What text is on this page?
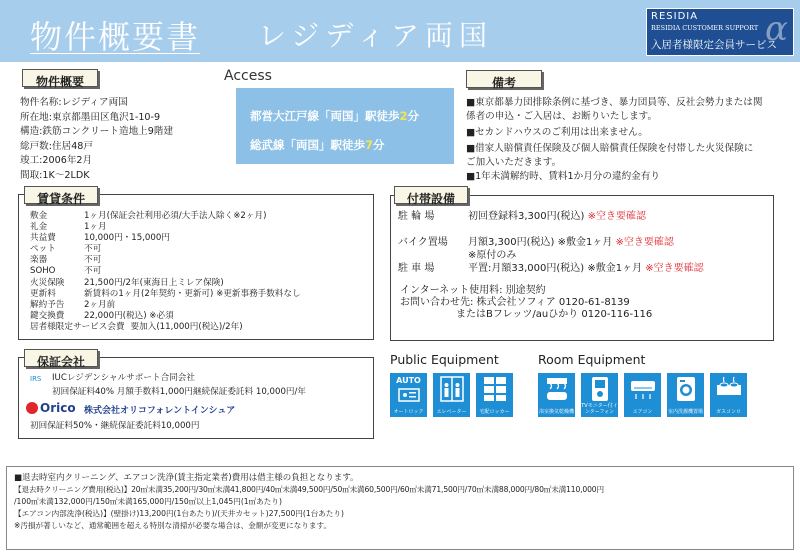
物件概要書 レジディア両国	α
RESIDIA
RESIDIA CUSTOMER SUPPORT
入居者様限定会員サービス
物件概要
物件名称:レジディア両国
所在地:東京都墨田区亀沢1-10-9
構造:鉄筋コンクリート造地上9階建
総戸数:住居48戸
竣工:2006年2月
間取:1K～2LDK
Access
都営大江戸線「両国」駅徒歩2分
総武線「両国」駅徒歩7分
備考
■東京都暴力団排除条例に基づき、暴力団員等、反社会勢力または関
係者の申込・ご入居は、お断りいたします。
■セカンドハウスのご利用は出来ません。
■借家人賠償責任保険及び個人賠償責任保険を付帯した火災保険に
ご加入いただきます。
■1年未満解約時、賃料1か月分の違約金有り
賃貸条件
敷金	1ヶ月(保証会社利用必須/大手法人除く※2ヶ月)
礼金	1ヶ月
共益費	10,000円・15,000円
ペット	不可
楽器	不可
SOHO	不可
火災保険 21,500円/2年(東海日上ミレア保険)
更新料	新賃料の1ヶ月(2年契約・更新可) ※更新事務手数料なし
解約予告 2ヶ月前
鍵交換費 22,000円(税込) ※必須
居者様限定サービス会費 要加入(11,000円(税込)/2年)
付帯設備
駐 輪 場	初回登録料3,300円(税込) ※空き要確認
バイク置場 月額3,300円(税込) ※敷金1ヶ月 ※空き要確認
※原付のみ
駐 車 場	平置:月額33,000円(税込) ※敷金1ヶ月 ※空き要確認
インターネット使用料: 別途契約
お問い合わせ先: 株式会社ソフィア 0120-61-8139
またはBフレッツ/auひかり 0120-116-116
保証会社
IRS IUCレジデンシャルサポート合同会社
初回保証料40% 月額手数料1,000円継続保証委託料 10,000円/年
Orico 株式会社オリコフォレントインシュア
初回保証料50%・継続保証委託料10,000円
Public Equipment	Room Equipment
AUTO
オートロック	エレベーター	宅配ロッカー	浴室換気乾燥機
TVモニター付インターフォン	エアコン	室内洗濯機置場	ガスコンロ
■退去時室内クリーニング、エアコン洗浄(賃主指定業者)費用は借主様の負担となります。
【退去時クリーニング費用(税込)】20㎡未満35,200円/30㎡未満41,800円/40㎡未満49,500円/50㎡未満60,500円/60㎡未満71,500円/70㎡未満88,000円/80㎡未満110,000円
/100㎡未満132,000円/150㎡未満165,000円/150㎡以上1,045円(1㎡あたり)
【エアコン内部洗浄(税込)】(壁掛け)13,200円(1台あたり)/(天井カセット)27,500円(1台あたり)
※汚損が著しいなど、通常範囲を超える特別な清掃が必要な場合は、金額が変更になります。
